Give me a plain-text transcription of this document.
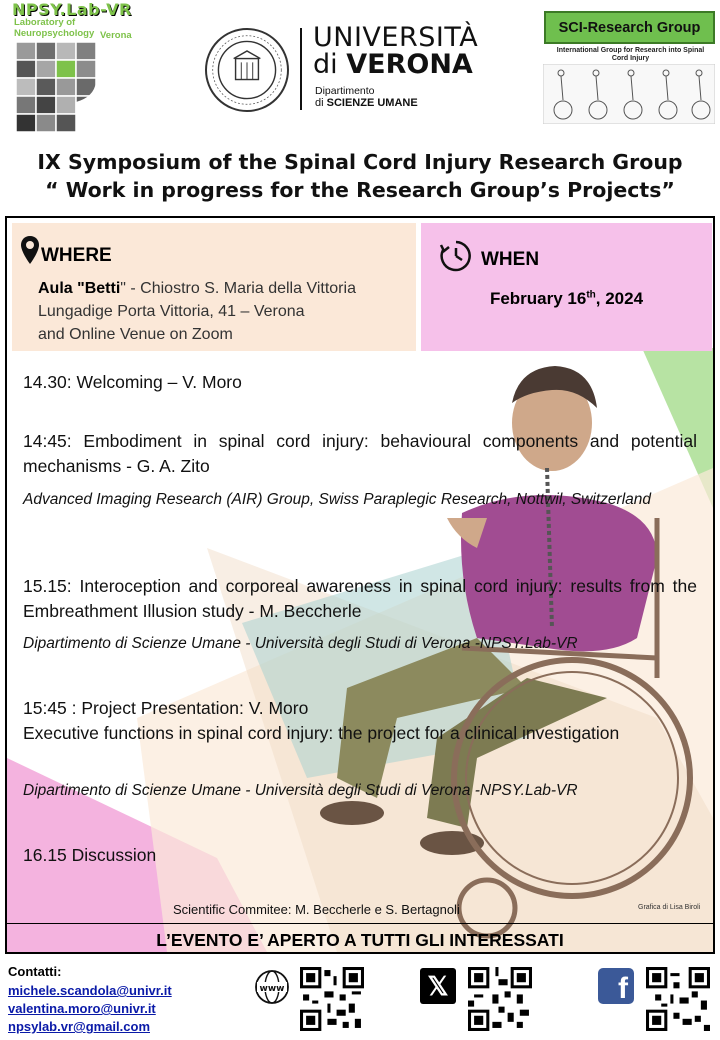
NPSY.Lab-VR
Laboratory of Neuropsychology Verona	UNIVERSITÀ
di VERONA
Dipartimento
di SCIENZE UMANE
SCI-Research Group
International Group for Research into Spinal Cord Injury
IX Symposium of the Spinal Cord Injury Research Group
“ Work in progress for the Research Group’s Projects”
WHERE
Aula "Betti" - Chiostro S. Maria della Vittoria
Lungadige Porta Vittoria, 41 – Verona
and Online Venue on Zoom
WHEN
February 16th, 2024
14.30: Welcoming – V. Moro
14:45: Embodiment in spinal cord injury: behavioural components and potential mechanisms - G. A. Zito
Advanced Imaging Research (AIR) Group, Swiss Paraplegic Research, Nottwil, Switzerland
15.15: Interoception and corporeal awareness in spinal cord injury: results from the Embreathment Illusion study - M. Beccherle
Dipartimento di Scienze Umane - Università degli Studi di Verona -NPSY.Lab-VR
15:45 : Project Presentation: V. Moro
Executive functions in spinal cord injury: the project for a clinical investigation
Dipartimento di Scienze Umane - Università degli Studi di Verona -NPSY.Lab-VR
16.15 Discussion
Scientific Commitee: M. Beccherle e S. Bertagnoli	Grafica di Lisa Biroli
L’EVENTO E’ APERTO A TUTTI GLI INTERESSATI
Contatti:
michele.scandola@univr.it
valentina.moro@univr.it
npsylab.vr@gmail.com
www	𝕏	f
